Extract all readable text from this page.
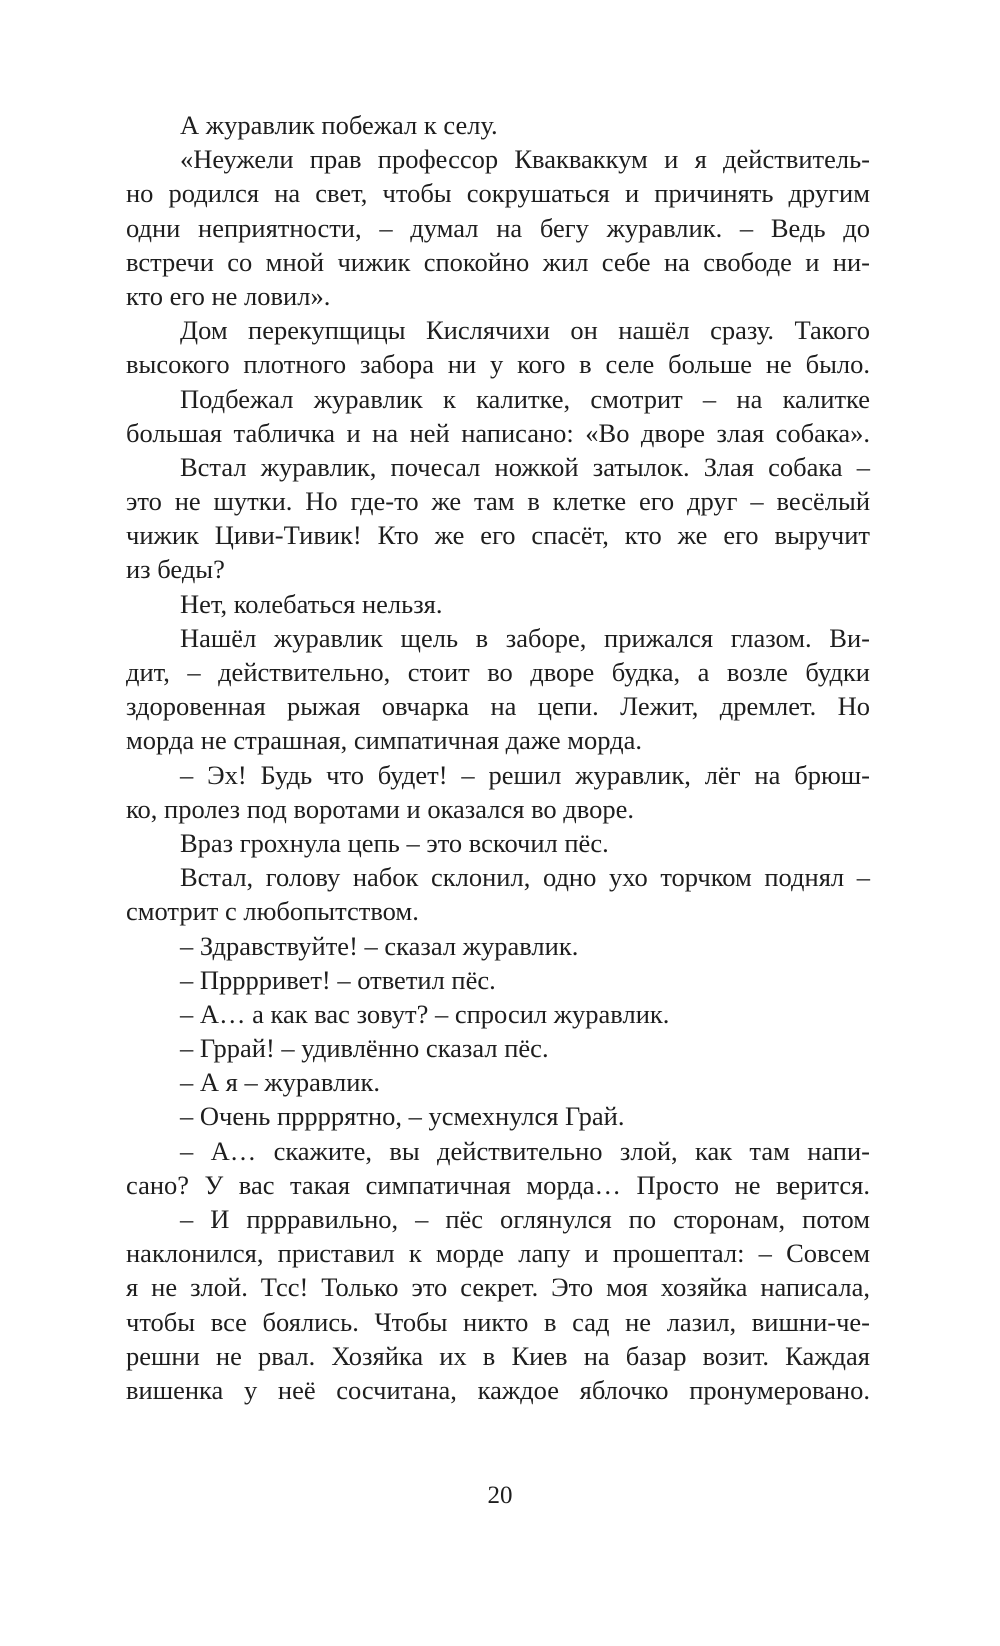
А журавлик побежал к селу.
«Неужели прав профессор Квакваккум и я действитель-
но родился на свет, чтобы сокрушаться и причинять другим
одни неприятности, – думал на бегу журавлик. – Ведь до
встречи со мной чижик спокойно жил себе на свободе и ни-
кто его не ловил».
Дом перекупщицы Кислячихи он нашёл сразу. Такого
высокого плотного забора ни у кого в селе больше не было.
Подбежал журавлик к калитке, смотрит – на калитке
большая табличка и на ней написано: «Во дворе злая собака».
Встал журавлик, почесал ножкой затылок. Злая собака –
это не шутки. Но где-то же там в клетке его друг – весёлый
чижик Циви-Тивик! Кто же его спасёт, кто же его выручит
из беды?
Нет, колебаться нельзя.
Нашёл журавлик щель в заборе, прижался глазом. Ви-
дит, – действительно, стоит во дворе будка, а возле будки
здоровенная рыжая овчарка на цепи. Лежит, дремлет. Но
морда не страшная, симпатичная даже морда.
– Эх! Будь что будет! – решил журавлик, лёг на брюш-
ко, пролез под воротами и оказался во дворе.
Враз грохнула цепь – это вскочил пёс.
Встал, голову набок склонил, одно ухо торчком поднял –
смотрит с любопытством.
– Здравствуйте! – сказал журавлик.
– Прррривет! – ответил пёс.
– А… а как вас зовут? – спросил журавлик.
– Гррай! – удивлённо сказал пёс.
– А я – журавлик.
– Очень пррррятно, – усмехнулся Грай.
– А… скажите, вы действительно злой, как там напи-
сано? У вас такая симпатичная морда… Просто не верится.
– И пррравильно, – пёс оглянулся по сторонам, потом
наклонился, приставил к морде лапу и прошептал: – Совсем
я не злой. Тсс! Только это секрет. Это моя хозяйка написала,
чтобы все боялись. Чтобы никто в сад не лазил, вишни-че-
решни не рвал. Хозяйка их в Киев на базар возит. Каждая
вишенка у неё сосчитана, каждое яблочко пронумеровано.
20
